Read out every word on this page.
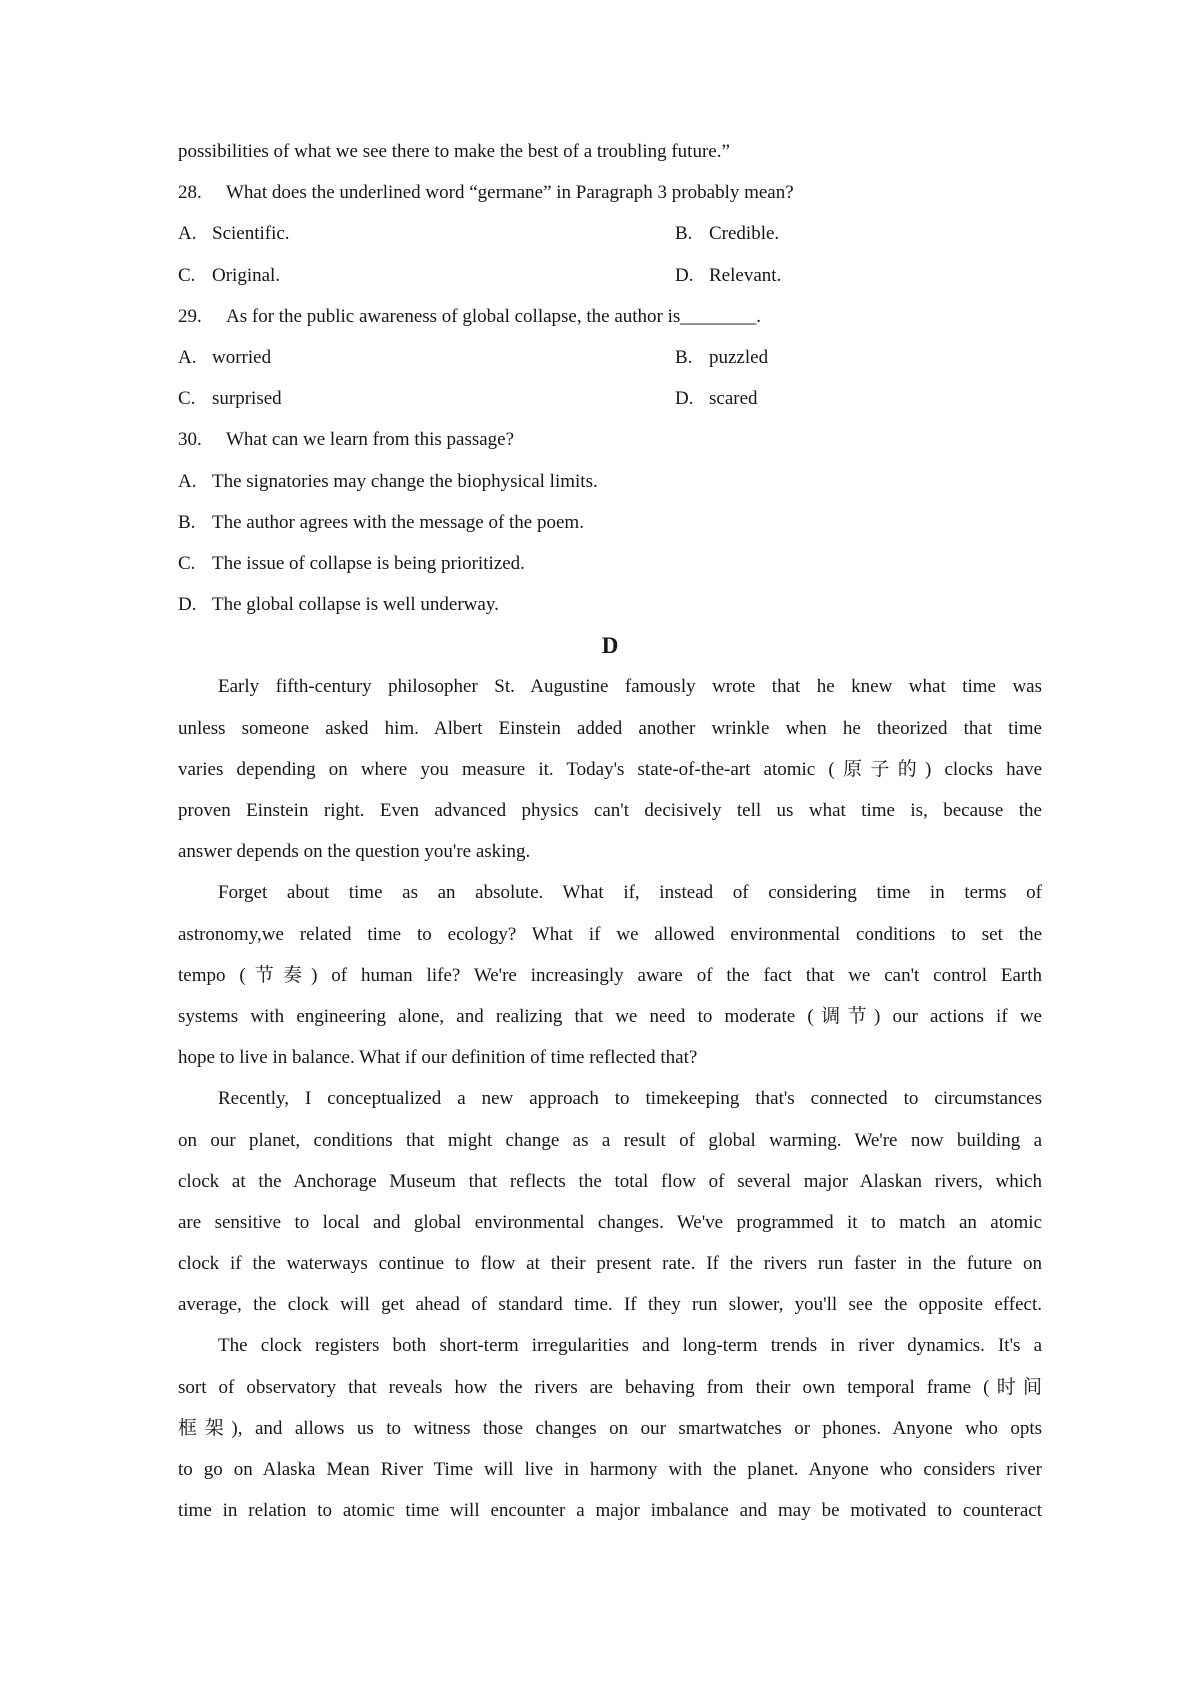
possibilities of what we see there to make the best of a troubling future.”
28. What does the underlined word “germane” in Paragraph 3 probably mean?
A. Scientific.	B. Credible.
C. Original.	D. Relevant.
29. As for the public awareness of global collapse, the author is________.
A. worried	B. puzzled
C. surprised	D. scared
30. What can we learn from this passage?
A. The signatories may change the biophysical limits.
B. The author agrees with the message of the poem.
C. The issue of collapse is being prioritized.
D. The global collapse is well underway.
D
Early fifth-century philosopher St. Augustine famously wrote that he knew what time was
unless someone asked him. Albert Einstein added another wrinkle when he theorized that time
varies depending on where you measure it. Today's state-of-the-art atomic (原子的) clocks have
proven Einstein right. Even advanced physics can't decisively tell us what time is, because the
answer depends on the question you're asking.
Forget about time as an absolute. What if, instead of considering time in terms of
astronomy,we related time to ecology? What if we allowed environmental conditions to set the
tempo (节奏) of human life? We're increasingly aware of the fact that we can't control Earth
systems with engineering alone, and realizing that we need to moderate (调节) our actions if we
hope to live in balance. What if our definition of time reflected that?
Recently, I conceptualized a new approach to timekeeping that's connected to circumstances
on our planet, conditions that might change as a result of global warming. We're now building a
clock at the Anchorage Museum that reflects the total flow of several major Alaskan rivers, which
are sensitive to local and global environmental changes. We've programmed it to match an atomic
clock if the waterways continue to flow at their present rate. If the rivers run faster in the future on
average, the clock will get ahead of standard time. If they run slower, you'll see the opposite effect.
The clock registers both short-term irregularities and long-term trends in river dynamics. It's a
sort of observatory that reveals how the rivers are behaving from their own temporal frame (时间
框架), and allows us to witness those changes on our smartwatches or phones. Anyone who opts
to go on Alaska Mean River Time will live in harmony with the planet. Anyone who considers river
time in relation to atomic time will encounter a major imbalance and may be motivated to counteract
